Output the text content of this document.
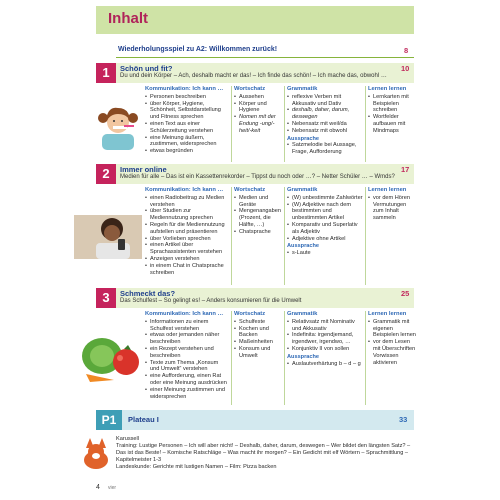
Inhalt
Wiederholungsspiel zu A2: Willkommen zurück!	8
1	Schön und fit?
Du und dein Körper – Ach, deshalb macht er das! – Ich finde das schön! – Ich mache das, obwohl …
10
Kommunikation: Ich kann …
• Personen beschreiben
• über Körper, Hygiene, Schönheit, Selbstdarstellung und Fitness sprechen
• einen Text aus einer Schülerzeitung verstehen
• eine Meinung äußern, zustimmen, widersprechen
• etwas begründen
Wortschatz
• Aussehen
• Körper und Hygiene
• Nomen mit der Endung -ung/-heit/-keit
Grammatik
• reflexive Verben mit Akkusativ und Dativ
• deshalb, daher, darum, deswegen
• Nebensatz mit weil/da
• Nebensatz mit obwohl
Aussprache
• Satzmelodie bei Aussage, Frage, Aufforderung
Lernen lernen
• Lernkarten mit Beispielen schreiben
• Wortfelder aufbauen mit Mindmaps
2	Immer online
Medien für alle – Das ist ein Kassettenrekorder – Tippst du noch oder …? – Netter Schüler … – Wmds?
17
Kommunikation: Ich kann …
• einen Radiobeitrag zu Medien verstehen
• über Studien zur Mediennutzung sprechen
• Regeln für die Mediennutzung aufstellen und präsentieren
• über Vorlieben sprechen
• einen Artikel über Sprachassistenten verstehen
• Anzeigen verstehen
• in einem Chat in Chatsprache schreiben
Wortschatz
• Medien und Geräte
• Mengenangaben (Prozent, die Hälfte, …)
• Chatsprache
Grammatik
• (W) unbestimmte Zahlwörter
• (W) Adjektive nach dem bestimmten und unbestimmten Artikel
• Komparativ und Superlativ als Adjektiv
• Adjektive ohne Artikel
Aussprache
• s-Laute
Lernen lernen
• vor dem Hören Vermutungen zum Inhalt sammeln
3	Schmeckt das?
Das Schulfest – So gelingt es! – Anders konsumieren für die Umwelt
25
Kommunikation: Ich kann …
• Informationen zu einem Schulfest verstehen
• etwas oder jemanden näher beschreiben
• ein Rezept verstehen und beschreiben
• Texte zum Thema „Konsum und Umwelt“ verstehen
• eine Aufforderung, einen Rat oder eine Meinung ausdrücken
• einer Meinung zustimmen und widersprechen
Wortschatz
• Schulfeste
• Kochen und Backen
• Maßeinheiten
• Konsum und Umwelt
Grammatik
• Relativsatz mit Nominativ und Akkusativ
• Indefinita: irgendjemand, irgendwer, irgendwo, …
• Konjunktiv II von sollen
Aussprache
• Auslautverhärtung b – d – g
Lernen lernen
• Grammatik mit eigenen Beispielen lernen
• vor dem Lesen mit Überschriften Vorwissen aktivieren
P1	Plateau I	33
Karussell
Training: Lustige Personen – Ich will aber nicht! – Deshalb, daher, darum, deswegen – Wer bildet den längsten Satz? – Das ist das Beste! – Komische Ratschläge – Was macht ihr morgen? – Ein Gedicht mit elf Wörtern – Sprachmittlung – Kapitelmeister 1-3
Landeskunde: Gerichte mit lustigen Namen – Film: Pizza backen
4 vier
